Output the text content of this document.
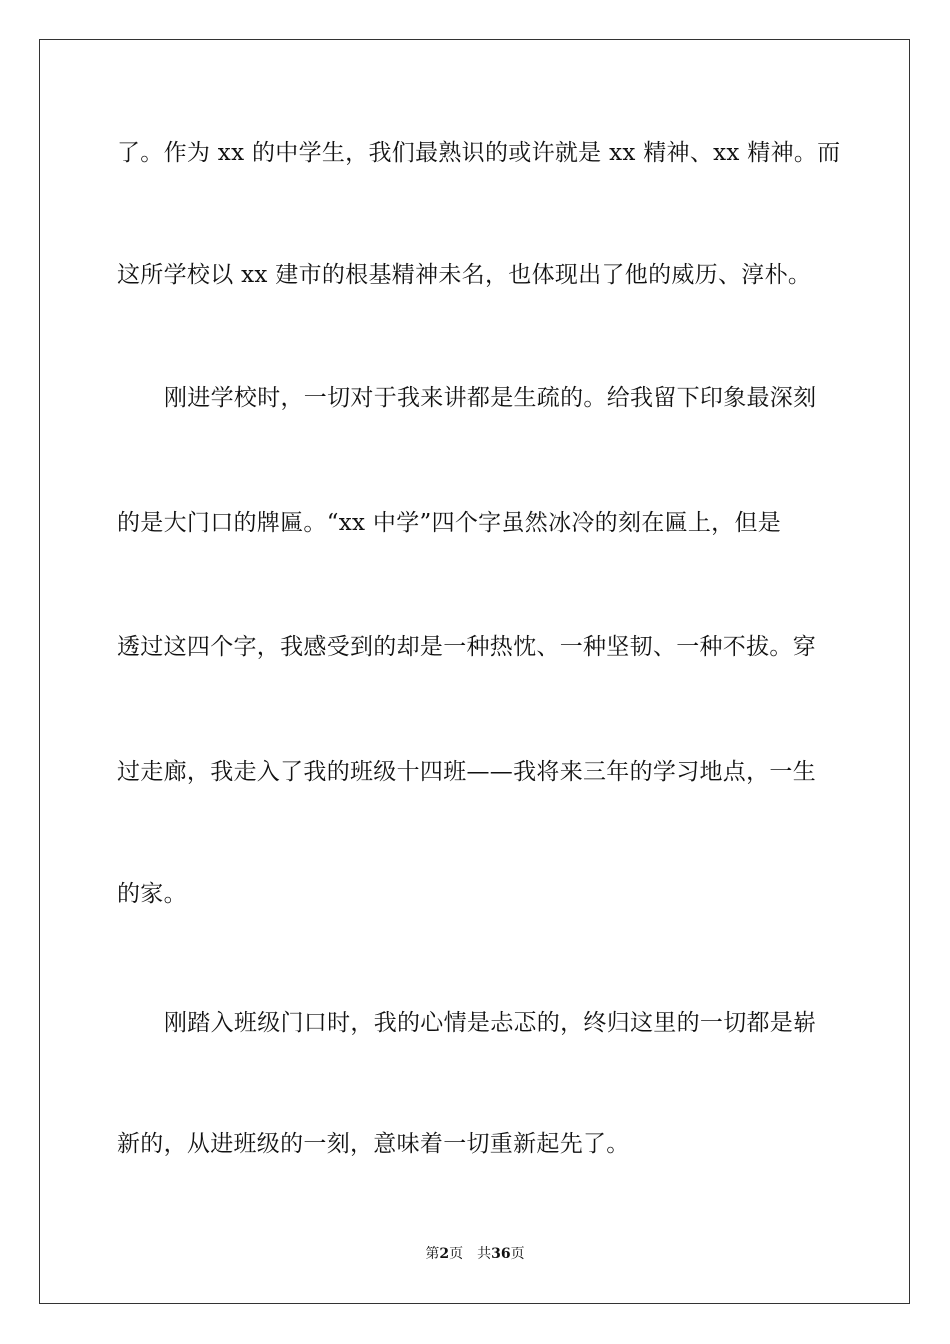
了。作为 xx 的中学生，我们最熟识的或许就是 xx 精神、xx 精神。而
这所学校以 xx 建市的根基精神未名，也体现出了他的威历、淳朴。
刚进学校时，一切对于我来讲都是生疏的。给我留下印象最深刻
的是大门口的牌匾。“xx 中学”四个字虽然冰冷的刻在匾上，但是
透过这四个字，我感受到的却是一种热忱、一种坚韧、一种不拔。穿
过走廊，我走入了我的班级十四班——我将来三年的学习地点，一生
的家。
刚踏入班级门口时，我的心情是忐忑的，终归这里的一切都是崭
新的，从进班级的一刻，意味着一切重新起先了。
第2页 共36页
